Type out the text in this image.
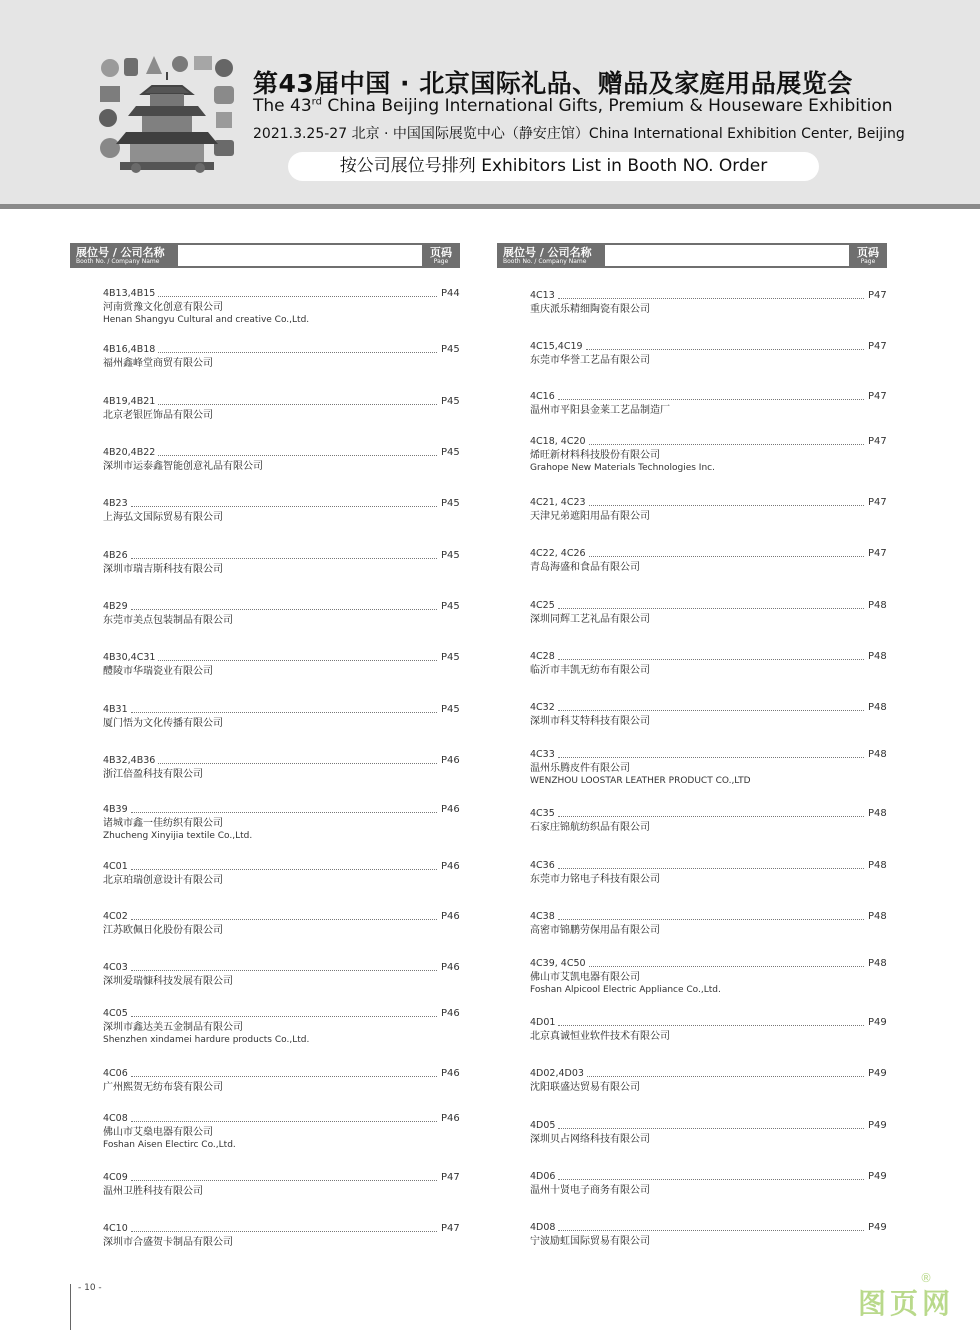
第43届中国 · 北京国际礼品、赠品及家庭用品展览会
The 43rd China Beijing International Gifts, Premium & Houseware Exhibition
2021.3.25-27 北京 · 中国国际展览中心（静安庄馆）China International Exhibition Center, Beijing
按公司展位号排列 Exhibitors List in Booth NO. Order
展位号 / 公司名称
Booth No. / Company Name
页码
Page
展位号 / 公司名称
Booth No. / Company Name
页码
Page
4B13,4B15	P44
河南赏豫文化创意有限公司
Henan Shangyu Cultural and creative Co.,Ltd.
4B16,4B18	P45
福州鑫峰堂商贸有限公司
4B19,4B21	P45
北京老银匠饰品有限公司
4B20,4B22	P45
深圳市运泰鑫智能创意礼品有限公司
4B23	P45
上海弘文国际贸易有限公司
4B26	P45
深圳市瑞吉斯科技有限公司
4B29	P45
东莞市美点包装制品有限公司
4B30,4C31	P45
醴陵市华瑞瓷业有限公司
4B31	P45
厦门悟为文化传播有限公司
4B32,4B36	P46
浙江倍盈科技有限公司
4B39	P46
诸城市鑫一佳纺织有限公司
Zhucheng Xinyijia textile Co.,Ltd.
4C01	P46
北京珀瑞创意设计有限公司
4C02	P46
江苏欧佩日化股份有限公司
4C03	P46
深圳爱瑞慷科技发展有限公司
4C05	P46
深圳市鑫达美五金制品有限公司
Shenzhen xindamei hardure products Co.,Ltd.
4C06	P46
广州熙贺无纺布袋有限公司
4C08	P46
佛山市艾燊电器有限公司
Foshan Aisen Electirc Co.,Ltd.
4C09	P47
温州卫胜科技有限公司
4C10	P47
深圳市合盛贺卡制品有限公司
4C13	P47
重庆派乐精细陶瓷有限公司
4C15,4C19	P47
东莞市华誉工艺品有限公司
4C16	P47
温州市平阳县金莱工艺品制造厂
4C18, 4C20	P47
烯旺新材料科技股份有限公司
Grahope New Materials Technologies Inc.
4C21, 4C23	P47
天津兄弟遮阳用品有限公司
4C22, 4C26	P47
青岛海盛和食品有限公司
4C25	P48
深圳同辉工艺礼品有限公司
4C28	P48
临沂市丰凯无纺布有限公司
4C32	P48
深圳市科艾特科技有限公司
4C33	P48
温州乐腾皮件有限公司
WENZHOU LOOSTAR LEATHER PRODUCT CO.,LTD
4C35	P48
石家庄锦航纺织品有限公司
4C36	P48
东莞市力铭电子科技有限公司
4C38	P48
高密市锦鹏劳保用品有限公司
4C39, 4C50	P48
佛山市艾凯电器有限公司
Foshan Alpicool Electric Appliance Co.,Ltd.
4D01	P49
北京真诚恒业软件技术有限公司
4D02,4D03	P49
沈阳联盛达贸易有限公司
4D05	P49
深圳贝占网络科技有限公司
4D06	P49
温州十贤电子商务有限公司
4D08	P49
宁波励虹国际贸易有限公司
- 10 -	图页网
®
